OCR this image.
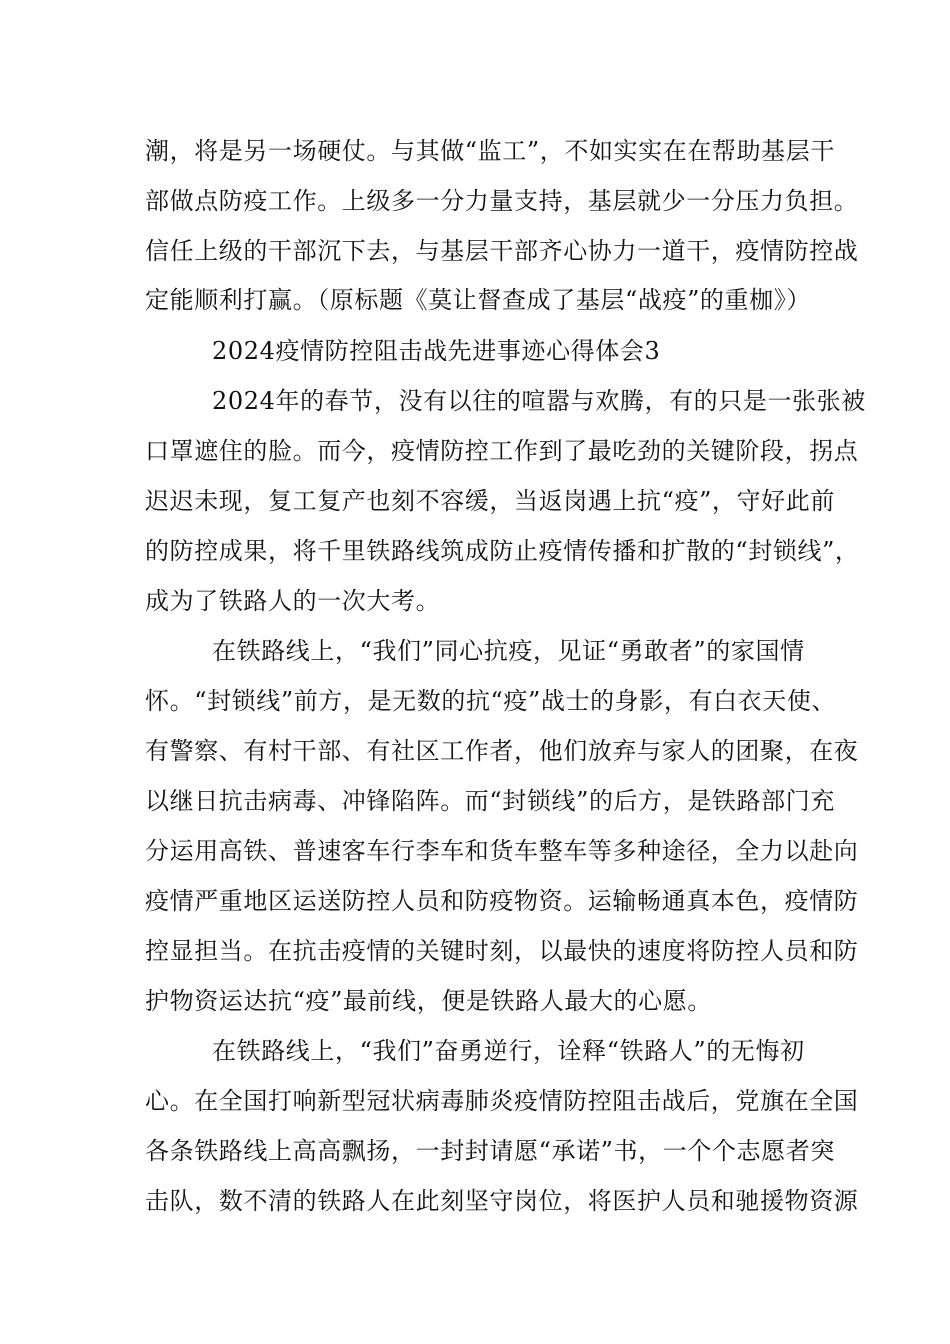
潮，将是另一场硬仗。与其做“监工”，不如实实在在帮助基层干
部做点防疫工作。上级多一分力量支持，基层就少一分压力负担。
信任上级的干部沉下去，与基层干部齐心协力一道干，疫情防控战
定能顺利打赢。（原标题《莫让督查成了基层“战疫”的重枷》）
2024疫情防控阻击战先进事迹心得体会3
2024年的春节，没有以往的喧嚣与欢腾，有的只是一张张被
口罩遮住的脸。而今，疫情防控工作到了最吃劲的关键阶段，拐点
迟迟未现，复工复产也刻不容缓，当返岗遇上抗“疫”，守好此前
的防控成果，将千里铁路线筑成防止疫情传播和扩散的“封锁线”，
成为了铁路人的一次大考。
在铁路线上，“我们”同心抗疫，见证“勇敢者”的家国情
怀。“封锁线”前方，是无数的抗“疫”战士的身影，有白衣天使、
有警察、有村干部、有社区工作者，他们放弃与家人的团聚，在夜
以继日抗击病毒、冲锋陷阵。而“封锁线”的后方，是铁路部门充
分运用高铁、普速客车行李车和货车整车等多种途径，全力以赴向
疫情严重地区运送防控人员和防疫物资。运输畅通真本色，疫情防
控显担当。在抗击疫情的关键时刻，以最快的速度将防控人员和防
护物资运达抗“疫”最前线，便是铁路人最大的心愿。
在铁路线上，“我们”奋勇逆行，诠释“铁路人”的无悔初
心。在全国打响新型冠状病毒肺炎疫情防控阻击战后，党旗在全国
各条铁路线上高高飘扬，一封封请愿“承诺”书，一个个志愿者突
击队，数不清的铁路人在此刻坚守岗位，将医护人员和驰援物资源
